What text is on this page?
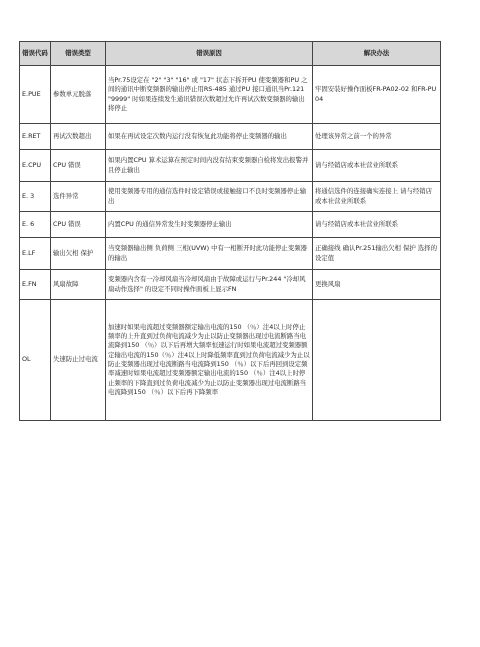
错误代码	错误类型	错误原因	解决办法
E.PUE	参数单元脱落	当Pr.75设定在 "2" "3" "16" 或 "17" 状态下拆开PU 使变频器和PU 之间的通讯中断变频器的输出停止用RS-485 通过PU 接口通讯当Pr.121 "9999" 时如果连续发生通讯错误次数超过允许再试次数变频器的输出将停止	牢固安装好操作面板FR-PA02-02 和FR-PU04
E.RET	再试次数超出	如果在再试设定次数内运行没有恢复此功能将停止变频器的输出	处理该异常之前一个的异常
E.CPU	CPU 错误	如果内置CPU 算术运算在预定时间内没有结束变频器自检将发出报警并且停止输出	请与经销店或本社营业所联系
E. 3	选件异常	使用变频器专用的通信选件时设定错误或接触接口不良时变频器停止输出	将通信选件的连接确实连接上 请与经销店或本社营业所联系
E. 6	CPU 错误	内置CPU 的通信异常发生时变频器停止输出	请与经销店或本社营业所联系
E.LF	输出欠相 保护	当变频器输出侧 负荷侧 三相(UVW) 中有一相断开时此功能停止变频器的输出	正确接线 确认Pr.251输出欠相 保护 选择的设定值
E.FN	风扇故障	变频器内含有一冷却风扇当冷却风扇由于故障或运行与Pr.244 "冷却风扇动作选择" 的设定不同时操作面板上显示FN	更换风扇
OL	失速防止过电流	加速时如果电流超过变频器额定输出电流的150 （％）注4以上时停止频率的上升直到过负荷电流减少为止以防止变频器出现过电流断路当电流降到150 （％）以下后再增大频率恒速运行时如果电流超过变频器额定输出电流的150（％）注4以上时降低频率直到过负荷电流减少为止以防止变频器出现过电流断路当电流降到150 （％）以下后再回到设定频率减速时如果电流超过变频器额定输出电流的150 （％）注4以上时停止频率的下降直到过负荷电流减少为止以防止变频器出现过电流断路当电流降到150 （％）以下后再下降频率	
